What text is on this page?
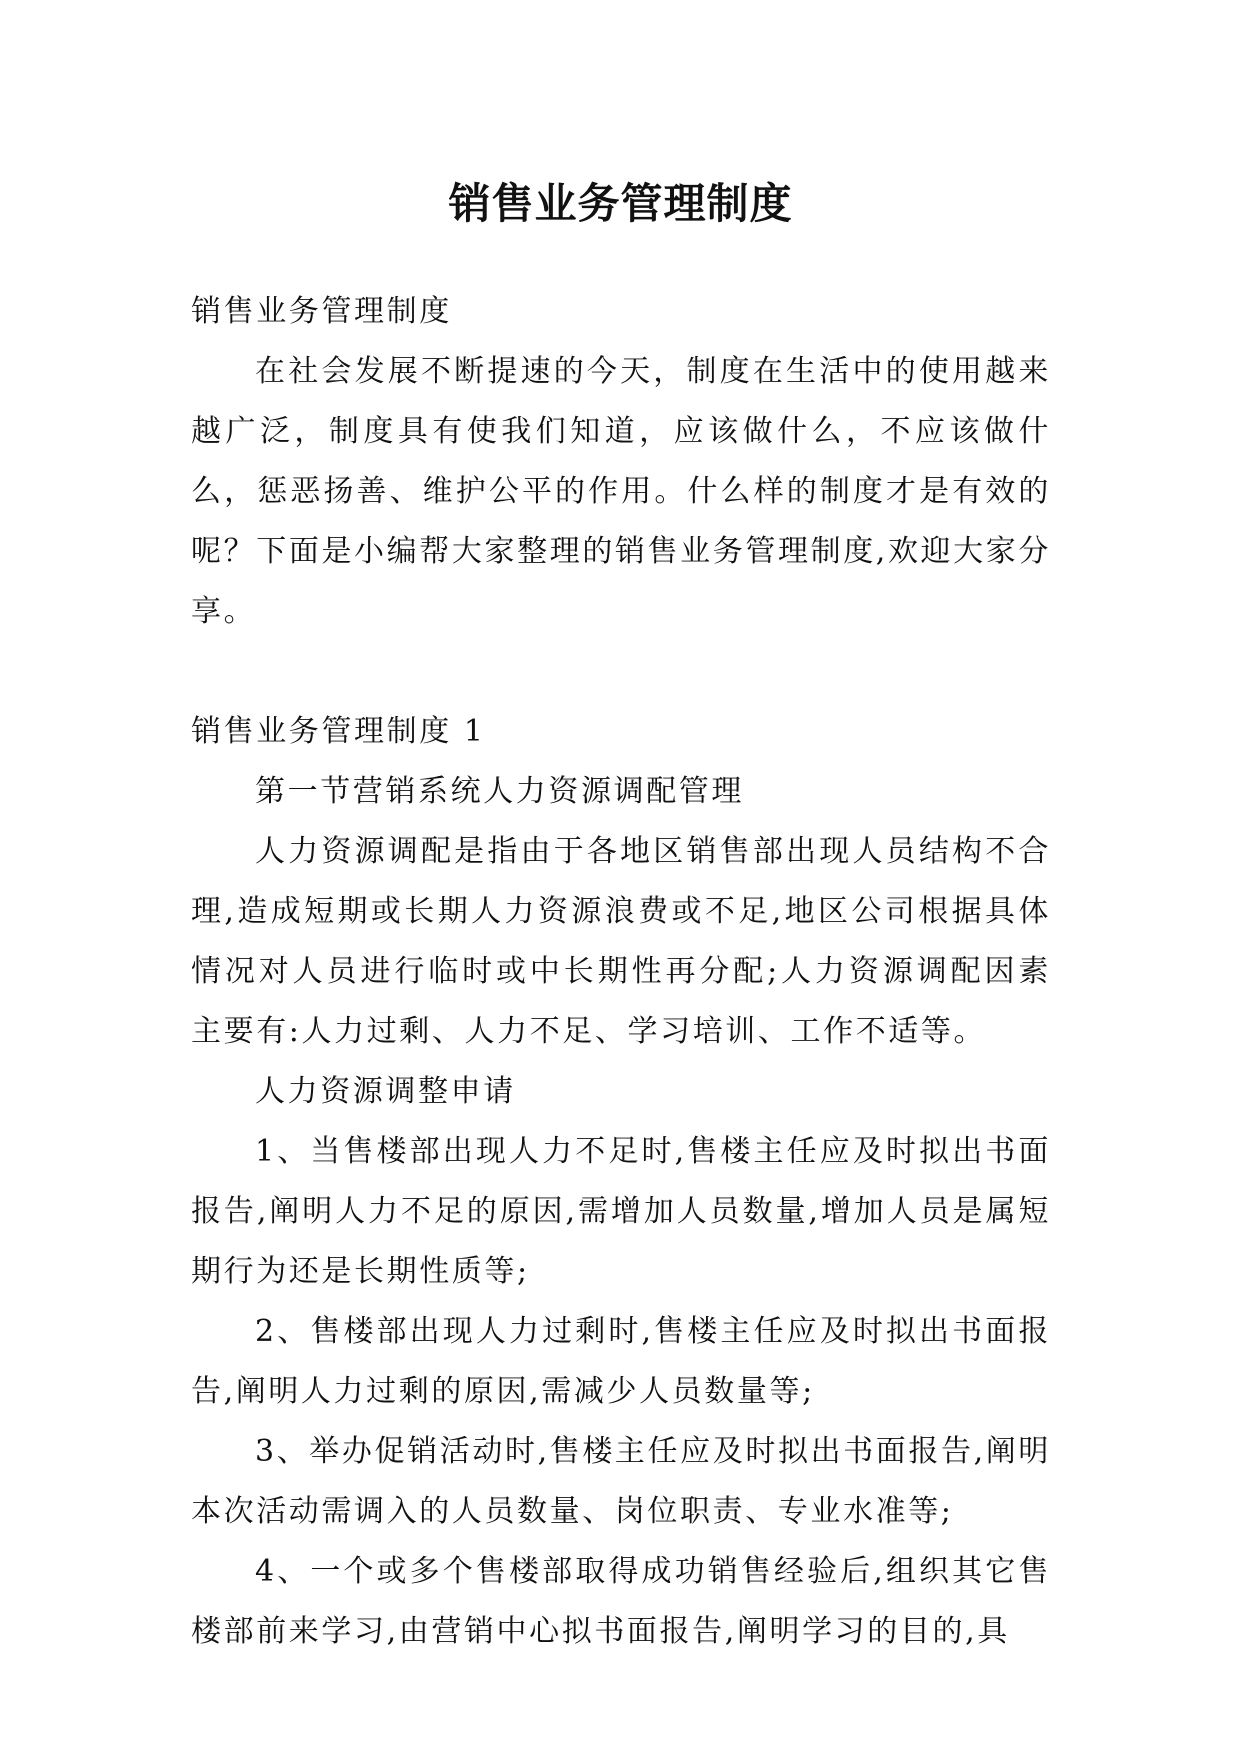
销售业务管理制度

销售业务管理制度

在社会发展不断提速的今天，制度在生活中的使用越来越广泛，制度具有使我们知道，应该做什么，不应该做什么，惩恶扬善、维护公平的作用。什么样的制度才是有效的呢？下面是小编帮大家整理的销售业务管理制度,欢迎大家分享。

销售业务管理制度 1

第一节营销系统人力资源调配管理

人力资源调配是指由于各地区销售部出现人员结构不合理,造成短期或长期人力资源浪费或不足,地区公司根据具体情况对人员进行临时或中长期性再分配;人力资源调配因素主要有:人力过剩、人力不足、学习培训、工作不适等。

人力资源调整申请

1、当售楼部出现人力不足时,售楼主任应及时拟出书面报告,阐明人力不足的原因,需增加人员数量,增加人员是属短期行为还是长期性质等;

2、售楼部出现人力过剩时,售楼主任应及时拟出书面报告,阐明人力过剩的原因,需减少人员数量等;

3、举办促销活动时,售楼主任应及时拟出书面报告,阐明本次活动需调入的人员数量、岗位职责、专业水准等;

4、一个或多个售楼部取得成功销售经验后,组织其它售楼部前来学习,由营销中心拟书面报告,阐明学习的目的,具
